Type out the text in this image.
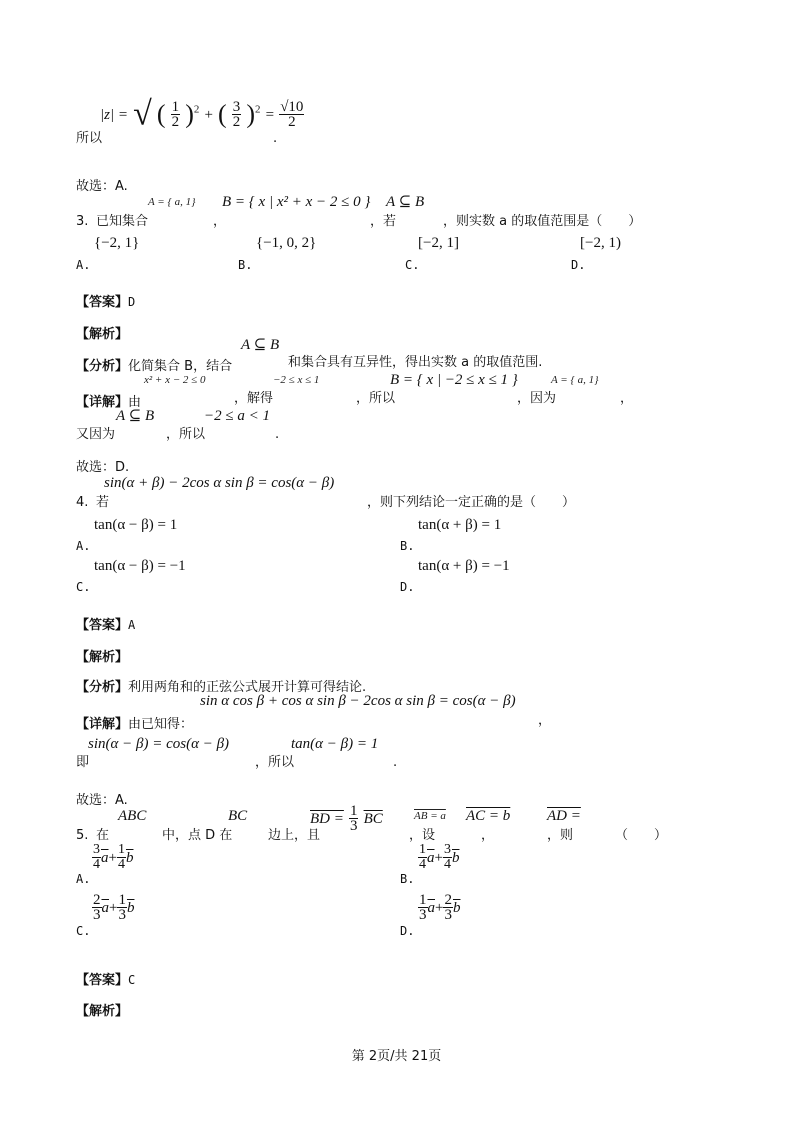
|z| = √ ( $\frac{1}{2} )^2$ + ( $\frac{3}{2} )^2 = \frac{√10}{2}$
所以	.
故选：A.
A = { a, 1} B = { x | x² + x − 2 ≤ 0 } A ⊆ B
3. 已知集合	，	，若	，则实数 a 的取值范围是（　　）
{−2, 1}	{−1, 0, 2}	[−2, 1]	[−2, 1)
A.	B.	C.	D.
【答案】D
【解析】
A ⊆ B
【分析】化简集合 B，结合	和集合具有互异性，得出实数 a 的取值范围.
x² + x − 2 ≤ 0	−2 ≤ x ≤ 1	B = { x | −2 ≤ x ≤ 1 }	A = { a, 1}
【详解】由	，解得	，所以	，因为	，
A ⊆ B	−2 ≤ a < 1
又因为	，所以	.
故选：D.
sin(α + β) − 2cos α sin β = cos(α − β)
4. 若	，则下列结论一定正确的是（　　）
tan(α − β) = 1	tan(α + β) = 1
A.	B.
tan(α − β) = −1	tan(α + β) = −1
C.	D.
【答案】A
【解析】
【分析】利用两角和的正弦公式展开计算可得结论.
sin α cos β + cos α sin β − 2cos α sin β = cos(α − β)
【详解】由已知得：	，
sin(α − β) = cos(α − β)	tan(α − β) = 1
即	，所以	.
故选：A.
ABC	BC	BD = $\frac{1}{3} \overline{BC}$	AB = a AC = b AD =
5. 在	中，点 D 在	边上，且	，设	，	，则	（　　）
$\frac{3}{4} \overline{a}+ \frac{1}{4} \overline{b}$	$\frac{1}{4} \overline{a}+ \frac{3}{4} \overline{b}$
A.	B.
$\frac{2}{3} \overline{a}+ \frac{1}{3} \overline{b}$	$\frac{1}{3} \overline{a}+ \frac{2}{3} \overline{b}$
C.	D.
【答案】C
【解析】
第 2页/共 21页
